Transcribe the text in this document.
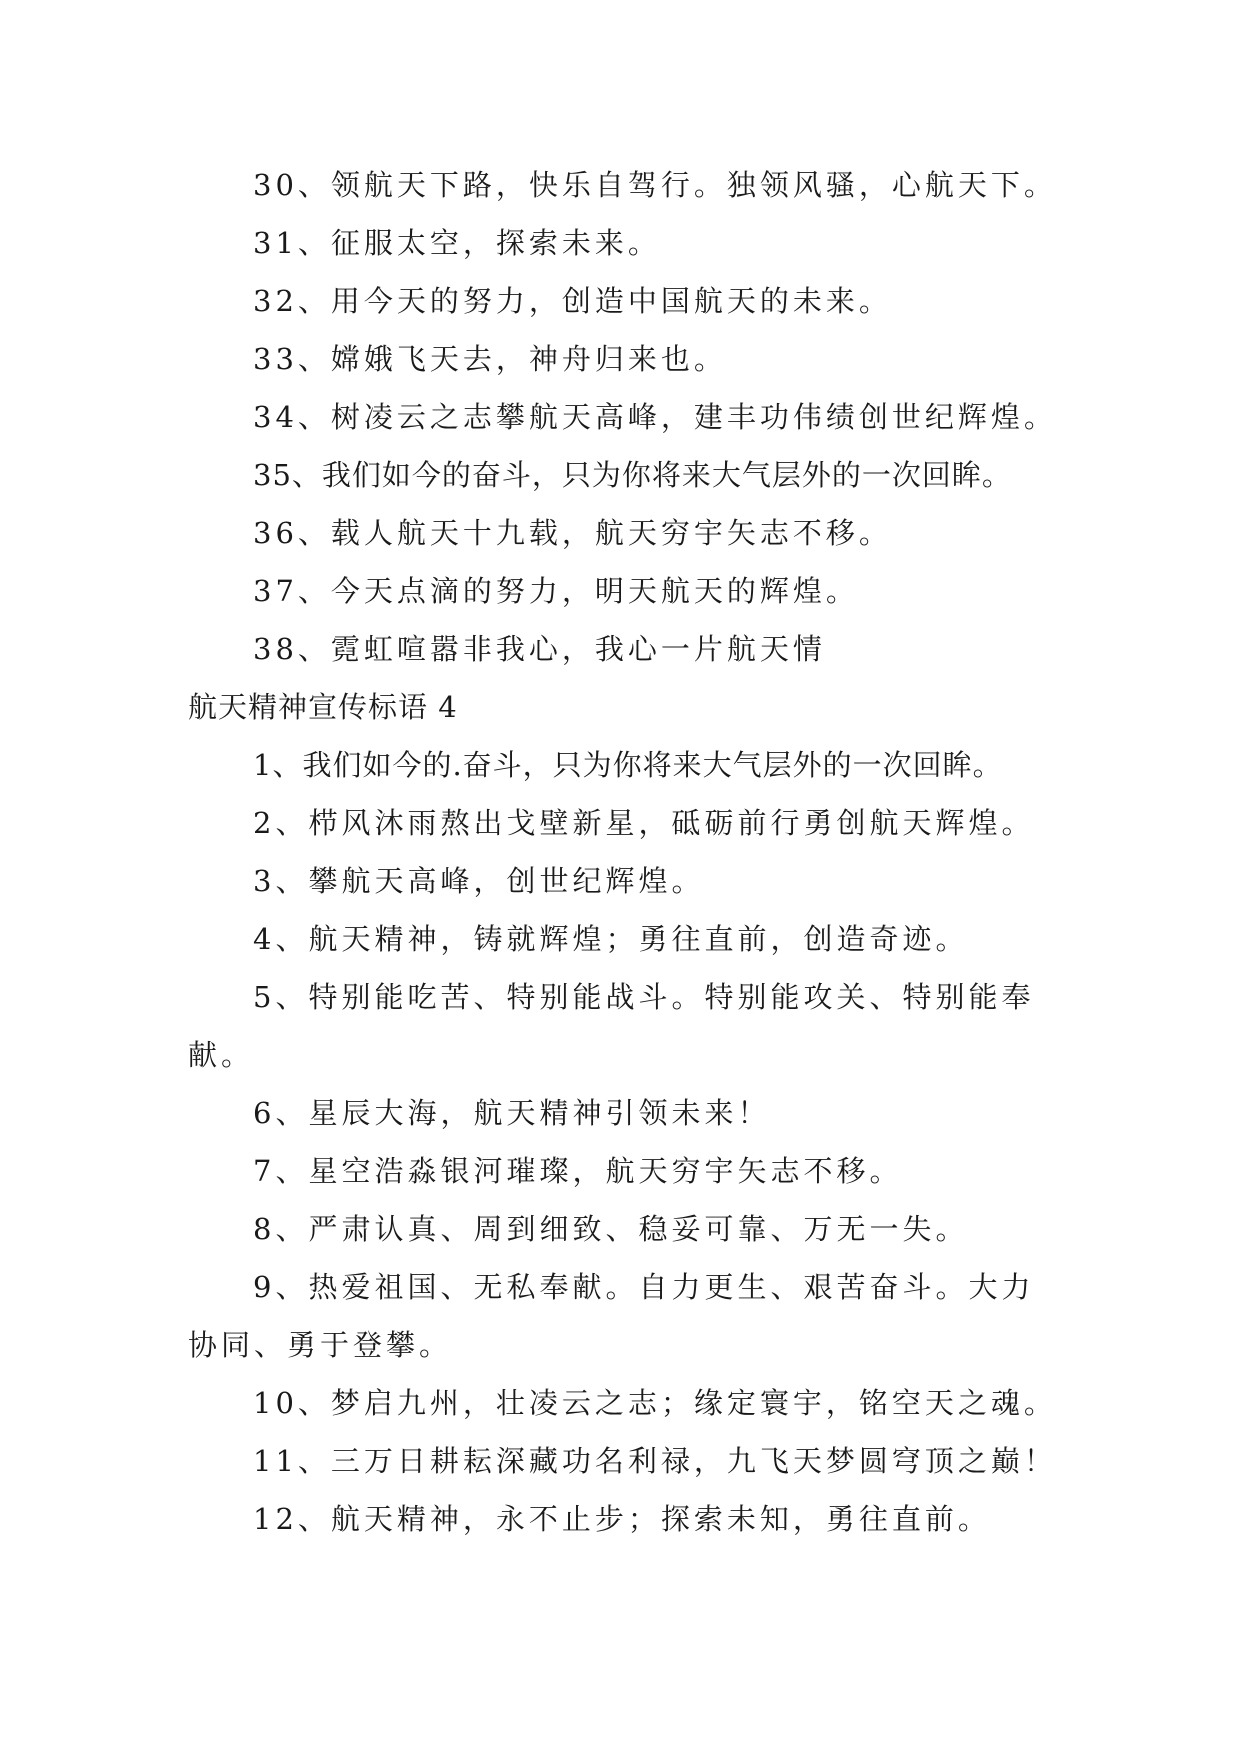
30、领航天下路，快乐自驾行。独领风骚，心航天下。
31、征服太空，探索未来。
32、用今天的努力，创造中国航天的未来。
33、嫦娥飞天去，神舟归来也。
34、树凌云之志攀航天高峰，建丰功伟绩创世纪辉煌。
35、我们如今的奋斗，只为你将来大气层外的一次回眸。
36、载人航天十九载，航天穷宇矢志不移。
37、今天点滴的努力，明天航天的辉煌。
38、霓虹喧嚣非我心，我心一片航天情
航天精神宣传标语 4
1、我们如今的.奋斗，只为你将来大气层外的一次回眸。
2、栉风沐雨熬出戈壁新星，砥砺前行勇创航天辉煌。
3、攀航天高峰，创世纪辉煌。
4、航天精神，铸就辉煌；勇往直前，创造奇迹。
5、特别能吃苦、特别能战斗。特别能攻关、特别能奉
献。
6、星辰大海，航天精神引领未来！
7、星空浩淼银河璀璨，航天穷宇矢志不移。
8、严肃认真、周到细致、稳妥可靠、万无一失。
9、热爱祖国、无私奉献。自力更生、艰苦奋斗。大力
协同、勇于登攀。
10、梦启九州，壮凌云之志；缘定寰宇，铭空天之魂。
11、三万日耕耘深藏功名利禄，九飞天梦圆穹顶之巅！
12、航天精神，永不止步；探索未知，勇往直前。
